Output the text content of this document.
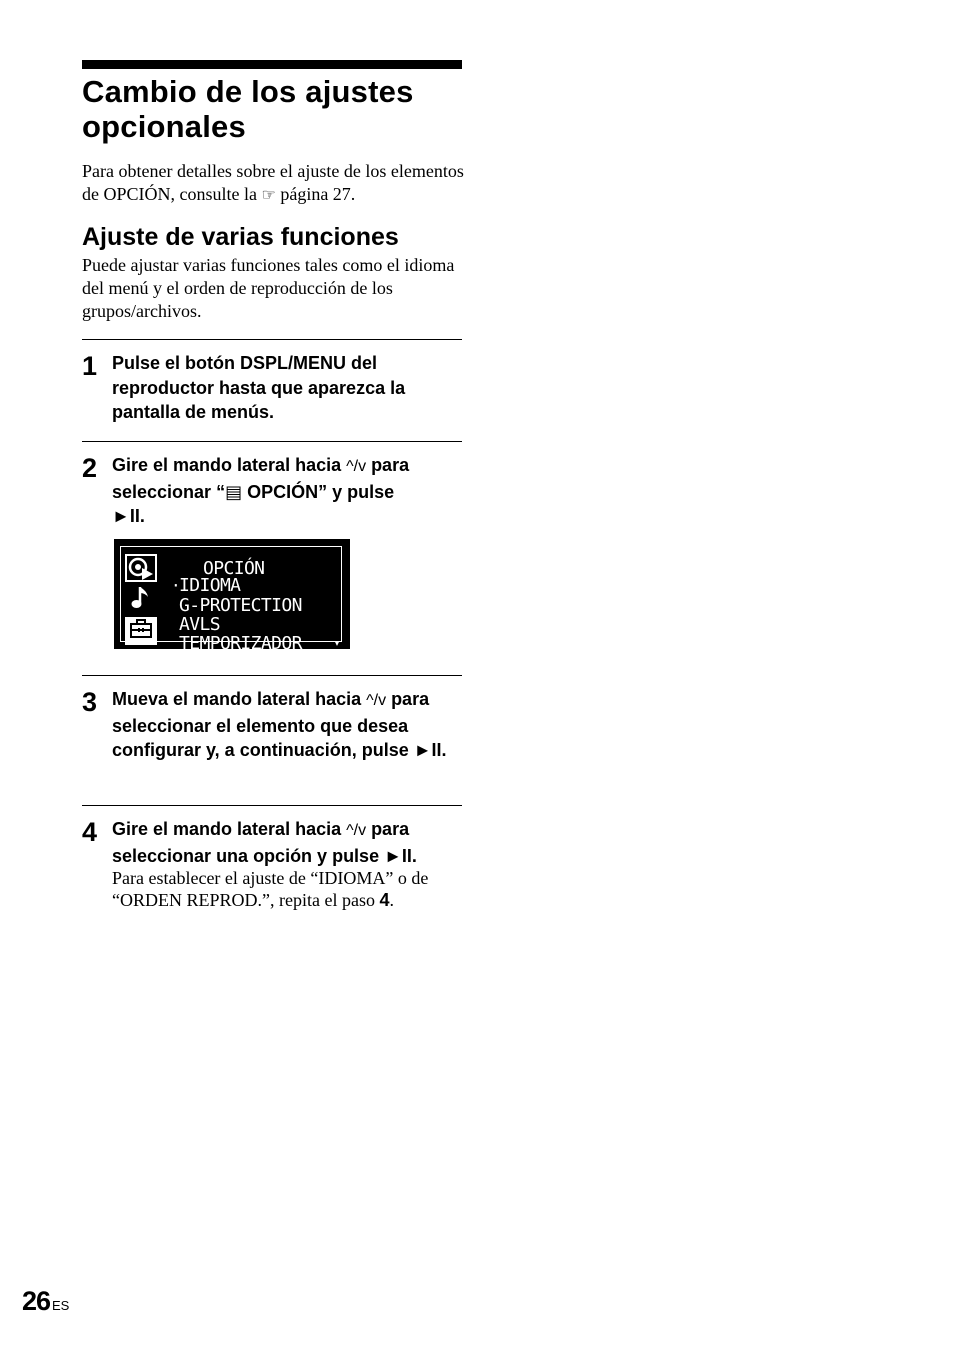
Cambio de los ajustes
opcionales

Para obtener detalles sobre el ajuste de los elementos de OPCIÓN, consulte la ☞ página 27.

Ajuste de varias funciones

Puede ajustar varias funciones tales como el idioma del menú y el orden de reproducción de los grupos/archivos.

1 Pulse el botón DSPL/MENU del reproductor hasta que aparezca la pantalla de menús.

2 Gire el mando lateral hacia ^/v para seleccionar “▤ OPCIÓN” y pulse
►II.

OPCIÓN
·
IDIOMA
G-PROTECTION
AVLS
TEMPORIZADOR	▾
3 Mueva el mando lateral hacia ^/v para seleccionar el elemento que desea configurar y, a continuación, pulse ►II.

4 Gire el mando lateral hacia ^/v para seleccionar una opción y pulse ►II.

Para establecer el ajuste de “IDIOMA” o de “ORDEN REPROD.”, repita el paso 4.

26 ES
